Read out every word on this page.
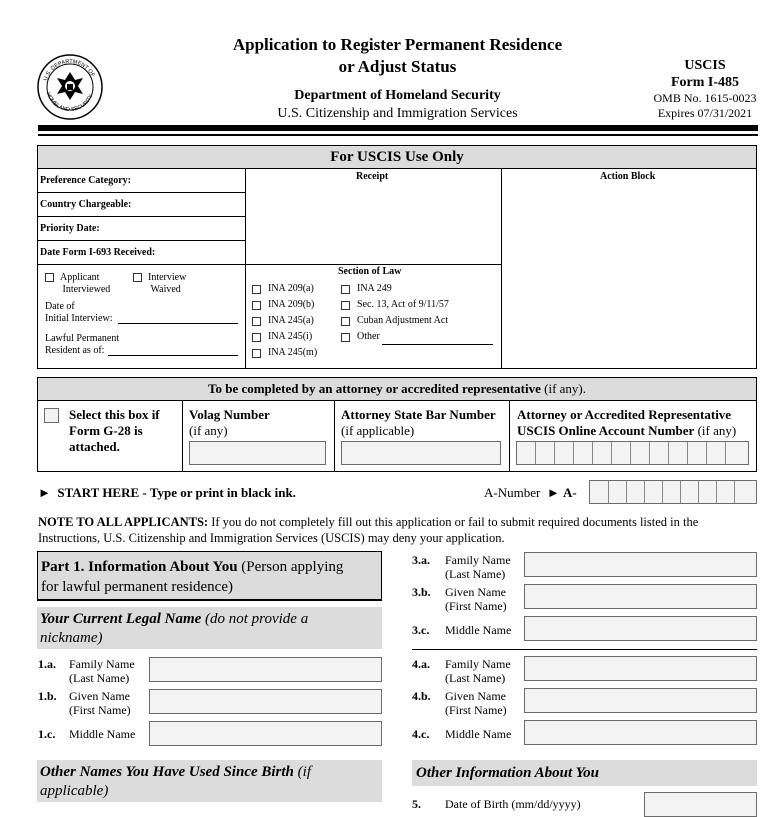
U.S. DEPARTMENT OF
HOMELAND SECURITY
Application to Register Permanent Residence
or Adjust Status
Department of Homeland Security
U.S. Citizenship and Immigration Services
USCIS
Form I-485
OMB No. 1615-0023
Expires 07/31/2021
For USCIS Use Only
Preference Category:
Country Chargeable:
Priority Date:
Date Form I-693 Received:
Receipt	Action Block
Applicant
Interviewed
Interview
Waived
Date of
Initial Interview:
Lawful Permanent
Resident as of:
Section of Law
INA 209(a)
INA 209(b)
INA 245(a)
INA 245(i)
INA 245(m)
INA 249
Sec. 13, Act of 9/11/57
Cuban Adjustment Act
Other
To be completed by an attorney or accredited representative (if any).
Select this box if
Form G-28 is
attached.
Volag Number
(if any)
Attorney State Bar Number
(if applicable)
Attorney or Accredited Representative
USCIS Online Account Number (if any)
► START HERE - Type or print in black ink.	A-Number ► A-
NOTE TO ALL APPLICANTS: If you do not completely fill out this application or fail to submit required documents listed in the
Instructions, U.S. Citizenship and Immigration Services (USCIS) may deny your application.
Part 1. Information About You (Person applying
for lawful permanent residence)
Your Current Legal Name (do not provide a
nickname)
1.a. Family Name
(Last Name)
1.b. Given Name
(First Name)
1.c. Middle Name
Other Names You Have Used Since Birth (if
applicable)
3.a. Family Name
(Last Name)
3.b. Given Name
(First Name)
3.c. Middle Name
4.a. Family Name
(Last Name)
4.b. Given Name
(First Name)
4.c. Middle Name
Other Information About You
5. Date of Birth (mm/dd/yyyy)
